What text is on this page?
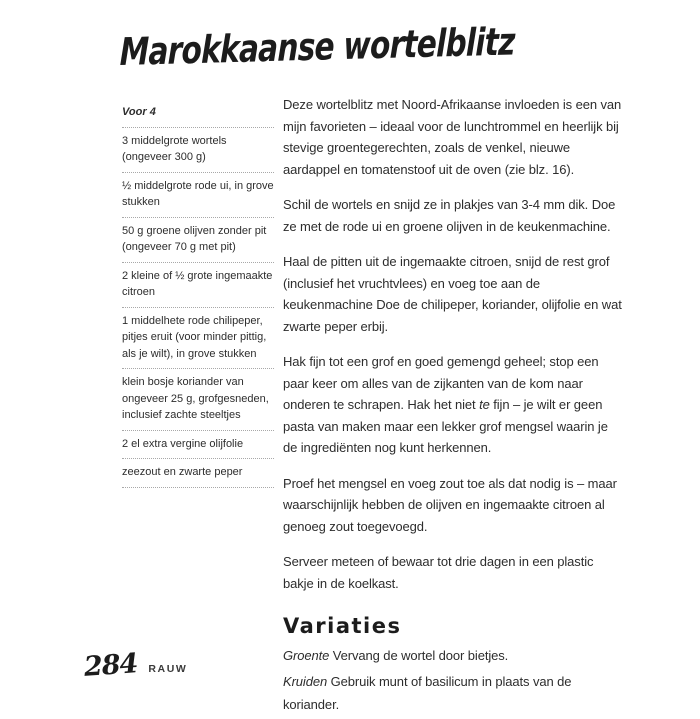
Marokkaanse wortelblitz
Voor 4
3 middelgrote wortels (ongeveer 300 g)
½ middelgrote rode ui, in grove stukken
50 g groene olijven zonder pit (ongeveer 70 g met pit)
2 kleine of ½ grote ingemaakte citroen
1 middelhete rode chilipeper, pitjes eruit (voor minder pittig, als je wilt), in grove stukken
klein bosje koriander van ongeveer 25 g, grofgesneden, inclusief zachte steeltjes
2 el extra vergine olijfolie
zeezout en zwarte peper

Deze wortelblitz met Noord-Afrikaanse invloeden is een van mijn favorieten – ideaal voor de lunchtrommel en heerlijk bij stevige groentegerechten, zoals de venkel, nieuwe aardappel en tomatenstoof uit de oven (zie blz. 16).

Schil de wortels en snijd ze in plakjes van 3-4 mm dik. Doe ze met de rode ui en groene olijven in de keukenmachine.

Haal de pitten uit de ingemaakte citroen, snijd de rest grof (inclusief het vruchtvlees) en voeg toe aan de keukenmachine Doe de chilipeper, koriander, olijfolie en wat zwarte peper erbij.

Hak fijn tot een grof en goed gemengd geheel; stop een paar keer om alles van de zijkanten van de kom naar onderen te schrapen. Hak het niet te fijn – je wilt er geen pasta van maken maar een lekker grof mengsel waarin je de ingrediënten nog kunt herkennen.

Proef het mengsel en voeg zout toe als dat nodig is – maar waarschijnlijk hebben de olijven en ingemaakte citroen al genoeg zout toegevoegd.

Serveer meteen of bewaar tot drie dagen in een plastic bakje in de koelkast.

Variaties

Groente Vervang de wortel door bietjes.

Kruiden Gebruik munt of basilicum in plaats van de koriander.

284 RAUW
